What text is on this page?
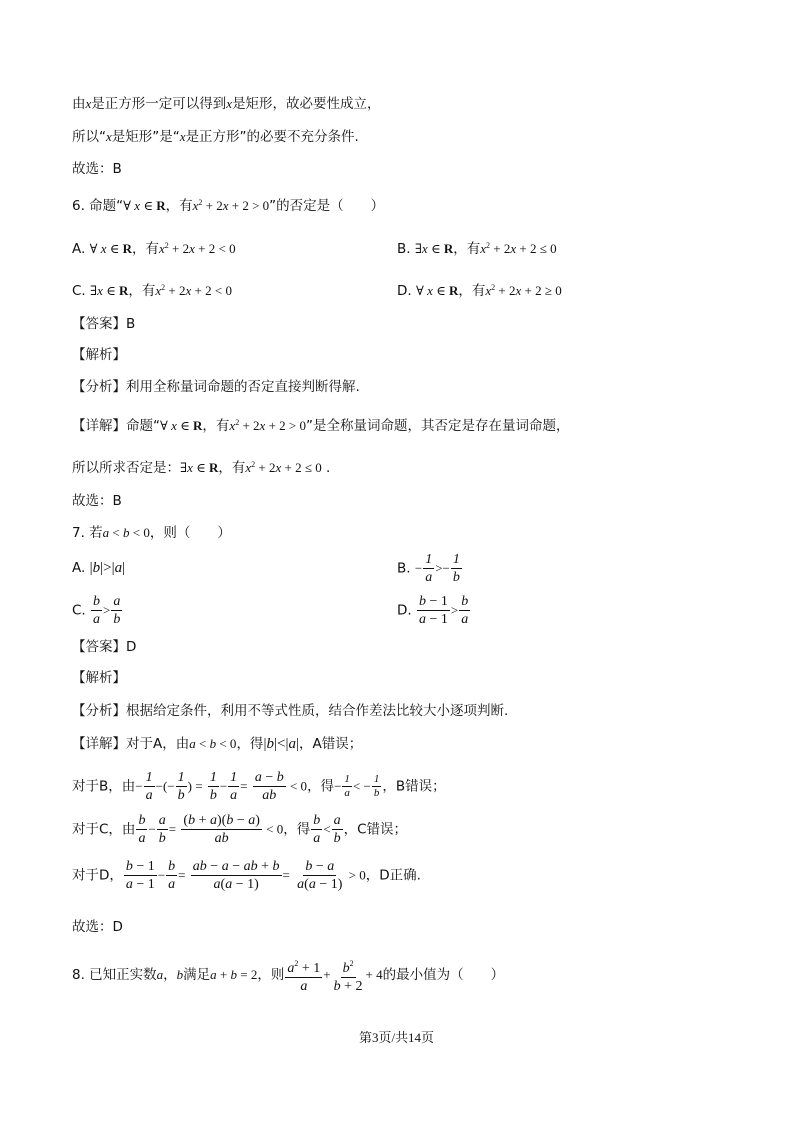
由x是正方形一定可以得到x是矩形，故必要性成立，
所以“x是矩形”是“x是正方形”的必要不充分条件.
故选：B
6. 命题“∀ x ∈ R，有$x^2 + 2x + 2 > 0$”的否定是（　　）
A. ∀ x ∈ R，有$x^2 + 2x + 2 < 0$	B. ∃x ∈ R，有$x^2 + 2x + 2 \le 0$
C. ∃x ∈ R，有$x^2 + 2x + 2 < 0$	D. ∀ x ∈ R，有$x^2 + 2x + 2 \ge 0$
【答案】B
【解析】
【分析】利用全称量词命题的否定直接判断得解.
【详解】命题“∀ x ∈ R，有$x^2 + 2x + 2 > 0$”是全称量词命题，其否定是存在量词命题，
所以所求否定是：∃x ∈ R，有$x^2 + 2x + 2 \le 0$ .
故选：B
7. 若a < b < 0，则（　　）
A. |b|>|a|	B. − $\frac{1}{a} >- \frac{1}{b}$
C. $\frac{b}{a} > \frac{a}{b}$	D. $\frac{b - 1}{a - 1} > \frac{b}{a}$
【答案】D
【解析】
【分析】根据给定条件，利用不等式性质，结合作差法比较大小逐项判断.
【详解】对于A，由a < b < 0，得|b|<|a|，A错误；
对于B，由− $\frac{1}{a}$ −(− $\frac{1}{b}$ ) = $\frac{1}{b} - \frac{1}{a} = \frac{a - b}{ab} < 0$，得− $\frac{1}{a}$ < − $\frac{1}{b}$ ，B错误；
对于C，由 $\frac{b}{a} - \frac{a}{b} = \frac{(b + a)(b - a)}{ab} < 0$，得 $\frac{b}{a} < \frac{a}{b}$ ，C错误；
对于D， $\frac{b - 1}{a - 1} - \frac{b}{a} = \frac{ab - a - ab + b}{a(a - 1)} = \frac{b - a}{a(a - 1)} > 0$，D正确.
故选：D
8. 已知正实数a，b满足a + b = 2，则 $\frac{a^2 + 1}{a} + \frac{b^2}{b + 2} + 4$的最小值为（　　）
第3页/共14页
